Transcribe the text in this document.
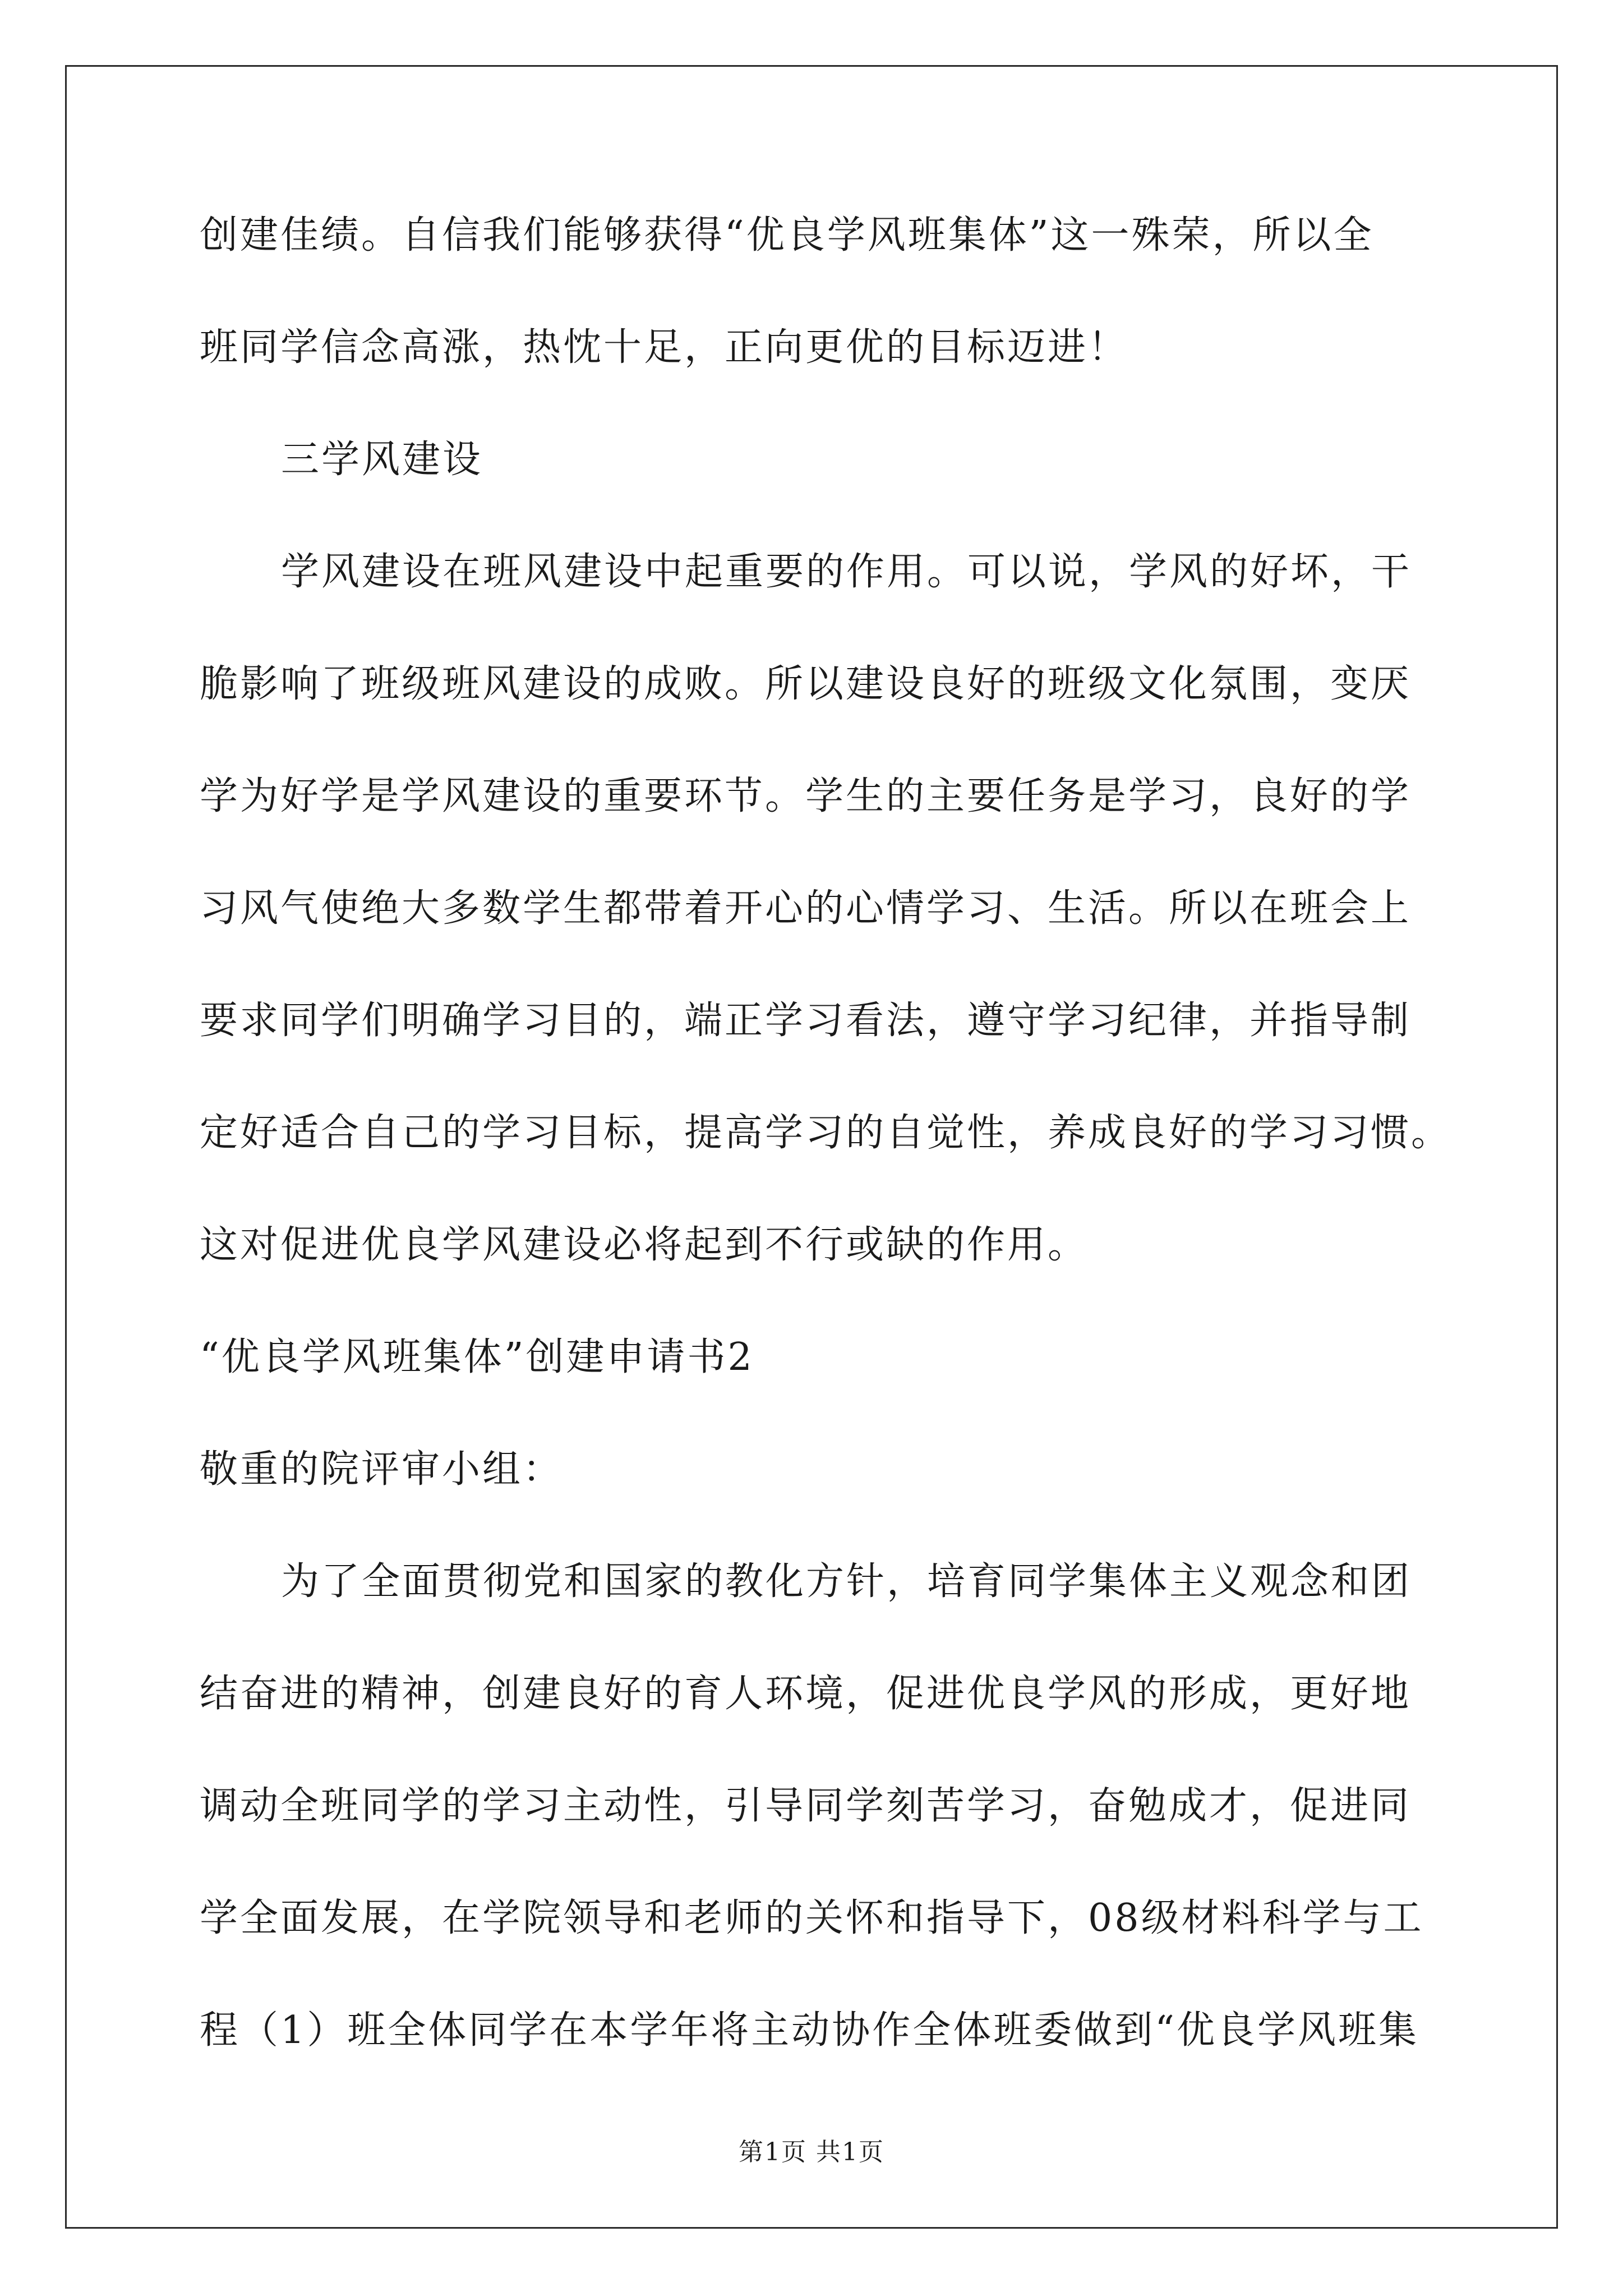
创建佳绩。自信我们能够获得“优良学风班集体”这一殊荣，所以全
班同学信念高涨，热忱十足，正向更优的目标迈进！
三学风建设
学风建设在班风建设中起重要的作用。可以说，学风的好坏，干
脆影响了班级班风建设的成败。所以建设良好的班级文化氛围，变厌
学为好学是学风建设的重要环节。学生的主要任务是学习，良好的学
习风气使绝大多数学生都带着开心的心情学习、生活。所以在班会上
要求同学们明确学习目的，端正学习看法，遵守学习纪律，并指导制
定好适合自己的学习目标，提高学习的自觉性，养成良好的学习习惯。
这对促进优良学风建设必将起到不行或缺的作用。
“优良学风班集体”创建申请书2
敬重的院评审小组：
为了全面贯彻党和国家的教化方针，培育同学集体主义观念和团
结奋进的精神，创建良好的育人环境，促进优良学风的形成，更好地
调动全班同学的学习主动性，引导同学刻苦学习，奋勉成才，促进同
学全面发展，在学院领导和老师的关怀和指导下，08级材料科学与工
程（1）班全体同学在本学年将主动协作全体班委做到“优良学风班集
第1页 共1页
